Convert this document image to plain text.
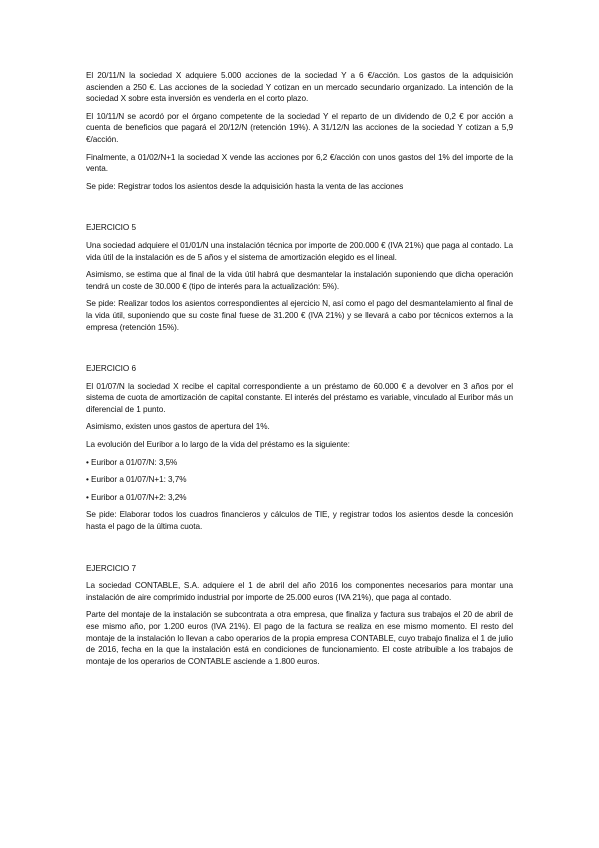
El 20/11/N la sociedad X adquiere 5.000 acciones de la sociedad Y a 6 €/acción. Los gastos de la adquisición ascienden a 250 €. Las acciones de la sociedad Y cotizan en un mercado secundario organizado. La intención de la sociedad X sobre esta inversión es venderla en el corto plazo.

El 10/11/N se acordó por el órgano competente de la sociedad Y el reparto de un dividendo de 0,2 € por acción a cuenta de beneficios que pagará el 20/12/N (retención 19%). A 31/12/N las acciones de la sociedad Y cotizan a 5,9 €/acción.

Finalmente, a 01/02/N+1 la sociedad X vende las acciones por 6,2 €/acción con unos gastos del 1% del importe de la venta.

Se pide: Registrar todos los asientos desde la adquisición hasta la venta de las acciones

EJERCICIO 5

Una sociedad adquiere el 01/01/N una instalación técnica por importe de 200.000 € (IVA 21%) que paga al contado. La vida útil de la instalación es de 5 años y el sistema de amortización elegido es el lineal.

Asimismo, se estima que al final de la vida útil habrá que desmantelar la instalación suponiendo que dicha operación tendrá un coste de 30.000 € (tipo de interés para la actualización: 5%).

Se pide: Realizar todos los asientos correspondientes al ejercicio N, así como el pago del desmantelamiento al final de la vida útil, suponiendo que su coste final fuese de 31.200 € (IVA 21%) y se llevará a cabo por técnicos externos a la empresa (retención 15%).

EJERCICIO 6

El 01/07/N la sociedad X recibe el capital correspondiente a un préstamo de 60.000 € a devolver en 3 años por el sistema de cuota de amortización de capital constante. El interés del préstamo es variable, vinculado al Euribor más un diferencial de 1 punto.

Asimismo, existen unos gastos de apertura del 1%.

La evolución del Euribor a lo largo de la vida del préstamo es la siguiente:

• Euribor a 01/07/N: 3,5%

• Euribor a 01/07/N+1: 3,7%

• Euribor a 01/07/N+2: 3,2%

Se pide: Elaborar todos los cuadros financieros y cálculos de TIE, y registrar todos los asientos desde la concesión hasta el pago de la última cuota.

EJERCICIO 7

La sociedad CONTABLE, S.A. adquiere el 1 de abril del año 2016 los componentes necesarios para montar una instalación de aire comprimido industrial por importe de 25.000 euros (IVA 21%), que paga al contado.

Parte del montaje de la instalación se subcontrata a otra empresa, que finaliza y factura sus trabajos el 20 de abril de ese mismo año, por 1.200 euros (IVA 21%). El pago de la factura se realiza en ese mismo momento. El resto del montaje de la instalación lo llevan a cabo operarios de la propia empresa CONTABLE, cuyo trabajo finaliza el 1 de julio de 2016, fecha en la que la instalación está en condiciones de funcionamiento. El coste atribuible a los trabajos de montaje de los operarios de CONTABLE asciende a 1.800 euros.
